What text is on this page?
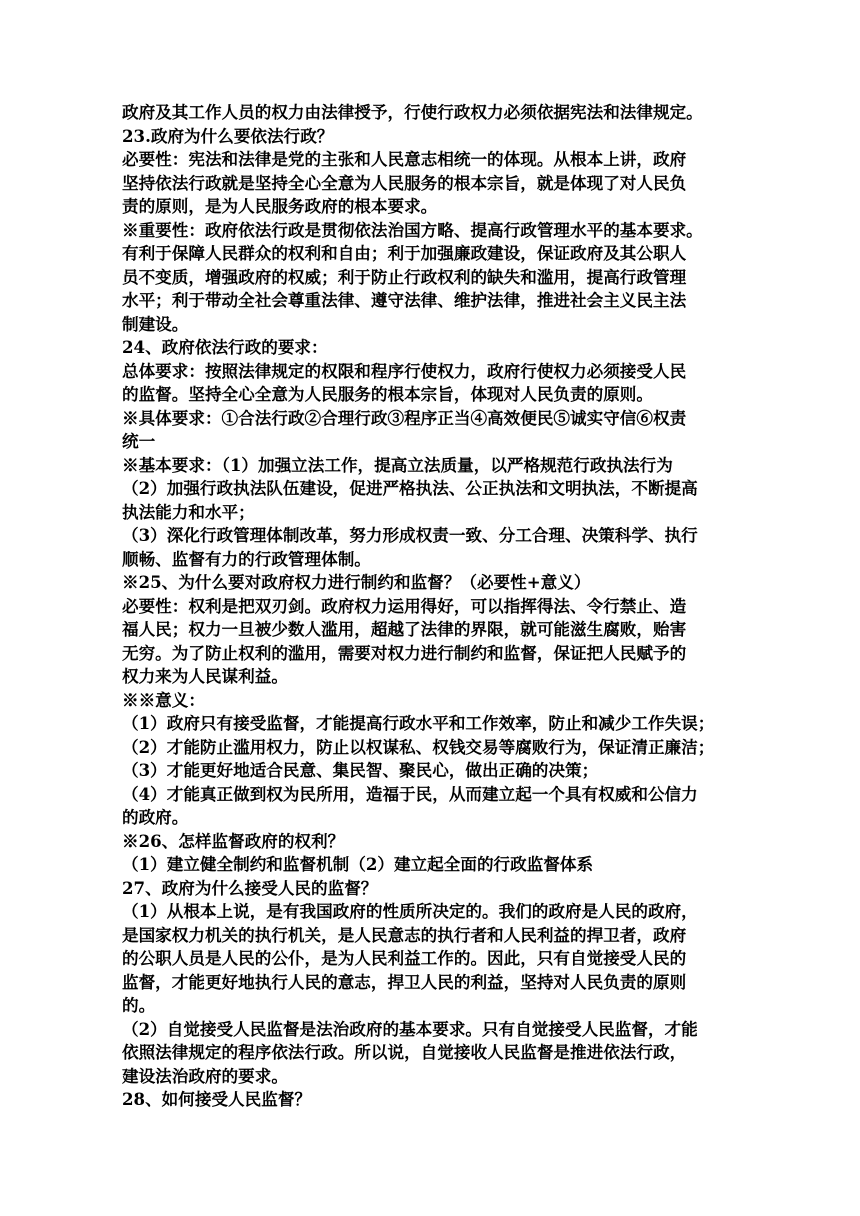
政府及其工作人员的权力由法律授予，行使行政权力必须依据宪法和法律规定。
23.政府为什么要依法行政？
必要性：宪法和法律是党的主张和人民意志相统一的体现。从根本上讲，政府
坚持依法行政就是坚持全心全意为人民服务的根本宗旨，就是体现了对人民负
责的原则，是为人民服务政府的根本要求。
※重要性：政府依法行政是贯彻依法治国方略、提高行政管理水平的基本要求。
有利于保障人民群众的权利和自由；利于加强廉政建设，保证政府及其公职人
员不变质，增强政府的权威；利于防止行政权利的缺失和滥用，提高行政管理
水平；利于带动全社会尊重法律、遵守法律、维护法律，推进社会主义民主法
制建设。
24、政府依法行政的要求：
总体要求：按照法律规定的权限和程序行使权力，政府行使权力必须接受人民
的监督。坚持全心全意为人民服务的根本宗旨，体现对人民负责的原则。
※具体要求：①合法行政②合理行政③程序正当④高效便民⑤诚实守信⑥权责
统一
※基本要求：（1）加强立法工作，提高立法质量，以严格规范行政执法行为
（2）加强行政执法队伍建设，促进严格执法、公正执法和文明执法，不断提高
执法能力和水平；
（3）深化行政管理体制改革，努力形成权责一致、分工合理、决策科学、执行
顺畅、监督有力的行政管理体制。
※25、为什么要对政府权力进行制约和监督？（必要性+意义）
必要性：权利是把双刃剑。政府权力运用得好，可以指挥得法、令行禁止、造
福人民；权力一旦被少数人滥用，超越了法律的界限，就可能滋生腐败，贻害
无穷。为了防止权利的滥用，需要对权力进行制约和监督，保证把人民赋予的
权力来为人民谋利益。
※※意义：
（1）政府只有接受监督，才能提高行政水平和工作效率，防止和减少工作失误；
（2）才能防止滥用权力，防止以权谋私、权钱交易等腐败行为，保证清正廉洁；
（3）才能更好地适合民意、集民智、聚民心，做出正确的决策；
（4）才能真正做到权为民所用，造福于民，从而建立起一个具有权威和公信力
的政府。
※26、怎样监督政府的权利？
（1）建立健全制约和监督机制（2）建立起全面的行政监督体系
27、政府为什么接受人民的监督？
（1）从根本上说，是有我国政府的性质所决定的。我们的政府是人民的政府，
是国家权力机关的执行机关，是人民意志的执行者和人民利益的捍卫者，政府
的公职人员是人民的公仆，是为人民利益工作的。因此，只有自觉接受人民的
监督，才能更好地执行人民的意志，捍卫人民的利益，坚持对人民负责的原则
的。
（2）自觉接受人民监督是法治政府的基本要求。只有自觉接受人民监督，才能
依照法律规定的程序依法行政。所以说，自觉接收人民监督是推进依法行政，
建设法治政府的要求。
28、如何接受人民监督？
